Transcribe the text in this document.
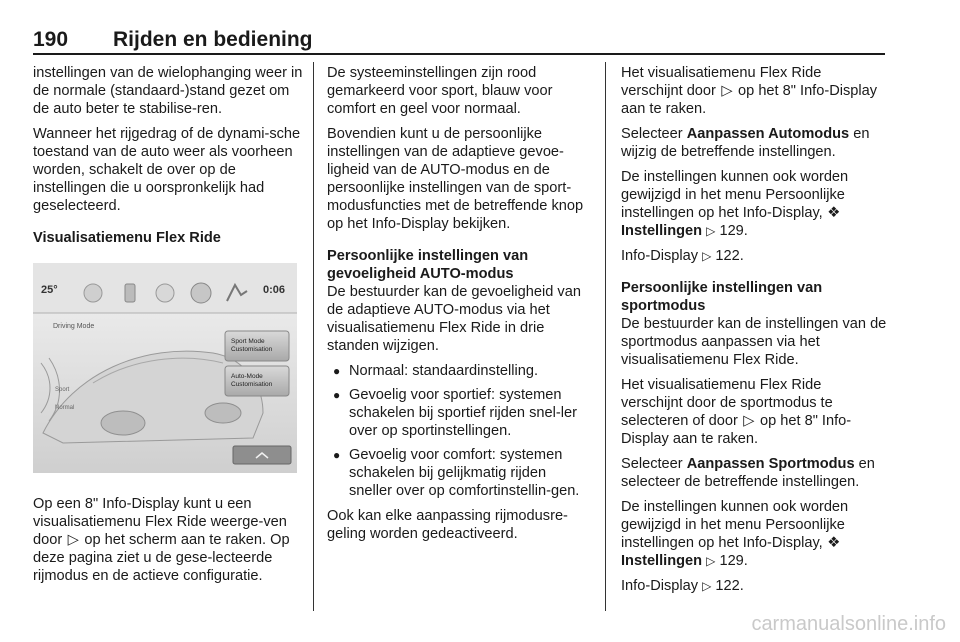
190 Rijden en bediening

instellingen van de wielophanging weer in de normale (standaard-)stand gezet om de auto beter te stabilise-ren.

Wanneer het rijgedrag of de dynami-sche toestand van de auto weer als voorheen worden, schakelt de over op de instellingen die u oorspronkelijk had geselecteerd.

Visualisatiemenu Flex Ride
25°	0:06
Driving Mode
Sport
Normal
Sport Mode Customisation
Auto-Mode Customisation

Op een 8" Info-Display kunt u een visualisatiemenu Flex Ride weerge-ven door ▷ op het scherm aan te raken. Op deze pagina ziet u de gese-lecteerde rijmodus en de actieve configuratie.

De systeeminstellingen zijn rood gemarkeerd voor sport, blauw voor comfort en geel voor normaal.

Bovendien kunt u de persoonlijke instellingen van de adaptieve gevoe-ligheid van de AUTO-modus en de persoonlijke instellingen van de sport-modusfuncties met de betreffende knop op het Info-Display bekijken.

Persoonlijke instellingen van gevoeligheid AUTO-modus

De bestuurder kan de gevoeligheid van de adaptieve AUTO-modus via het visualisatiemenu Flex Ride in drie standen wijzigen.

● Normaal: standaardinstelling.
● Gevoelig voor sportief: systemen schakelen bij sportief rijden snel-ler over op sportinstellingen.
● Gevoelig voor comfort: systemen schakelen bij gelijkmatig rijden sneller over op comfortinstellin-gen.

Ook kan elke aanpassing rijmodusre-geling worden gedeactiveerd.

Het visualisatiemenu Flex Ride verschijnt door ▷ op het 8" Info-Display aan te raken.

Selecteer Aanpassen Automodus en wijzig de betreffende instellingen.

De instellingen kunnen ook worden gewijzigd in het menu Persoonlijke instellingen op het Info-Display, ❖ Instellingen ▷ 129.

Info-Display ▷ 122.

Persoonlijke instellingen van sportmodus

De bestuurder kan de instellingen van de sportmodus aanpassen via het visualisatiemenu Flex Ride.

Het visualisatiemenu Flex Ride verschijnt door de sportmodus te selecteren of door ▷ op het 8" Info-Display aan te raken.

Selecteer Aanpassen Sportmodus en selecteer de betreffende instellingen.

De instellingen kunnen ook worden gewijzigd in het menu Persoonlijke instellingen op het Info-Display, ❖ Instellingen ▷ 129.

Info-Display ▷ 122.

carmanualsonline.info
